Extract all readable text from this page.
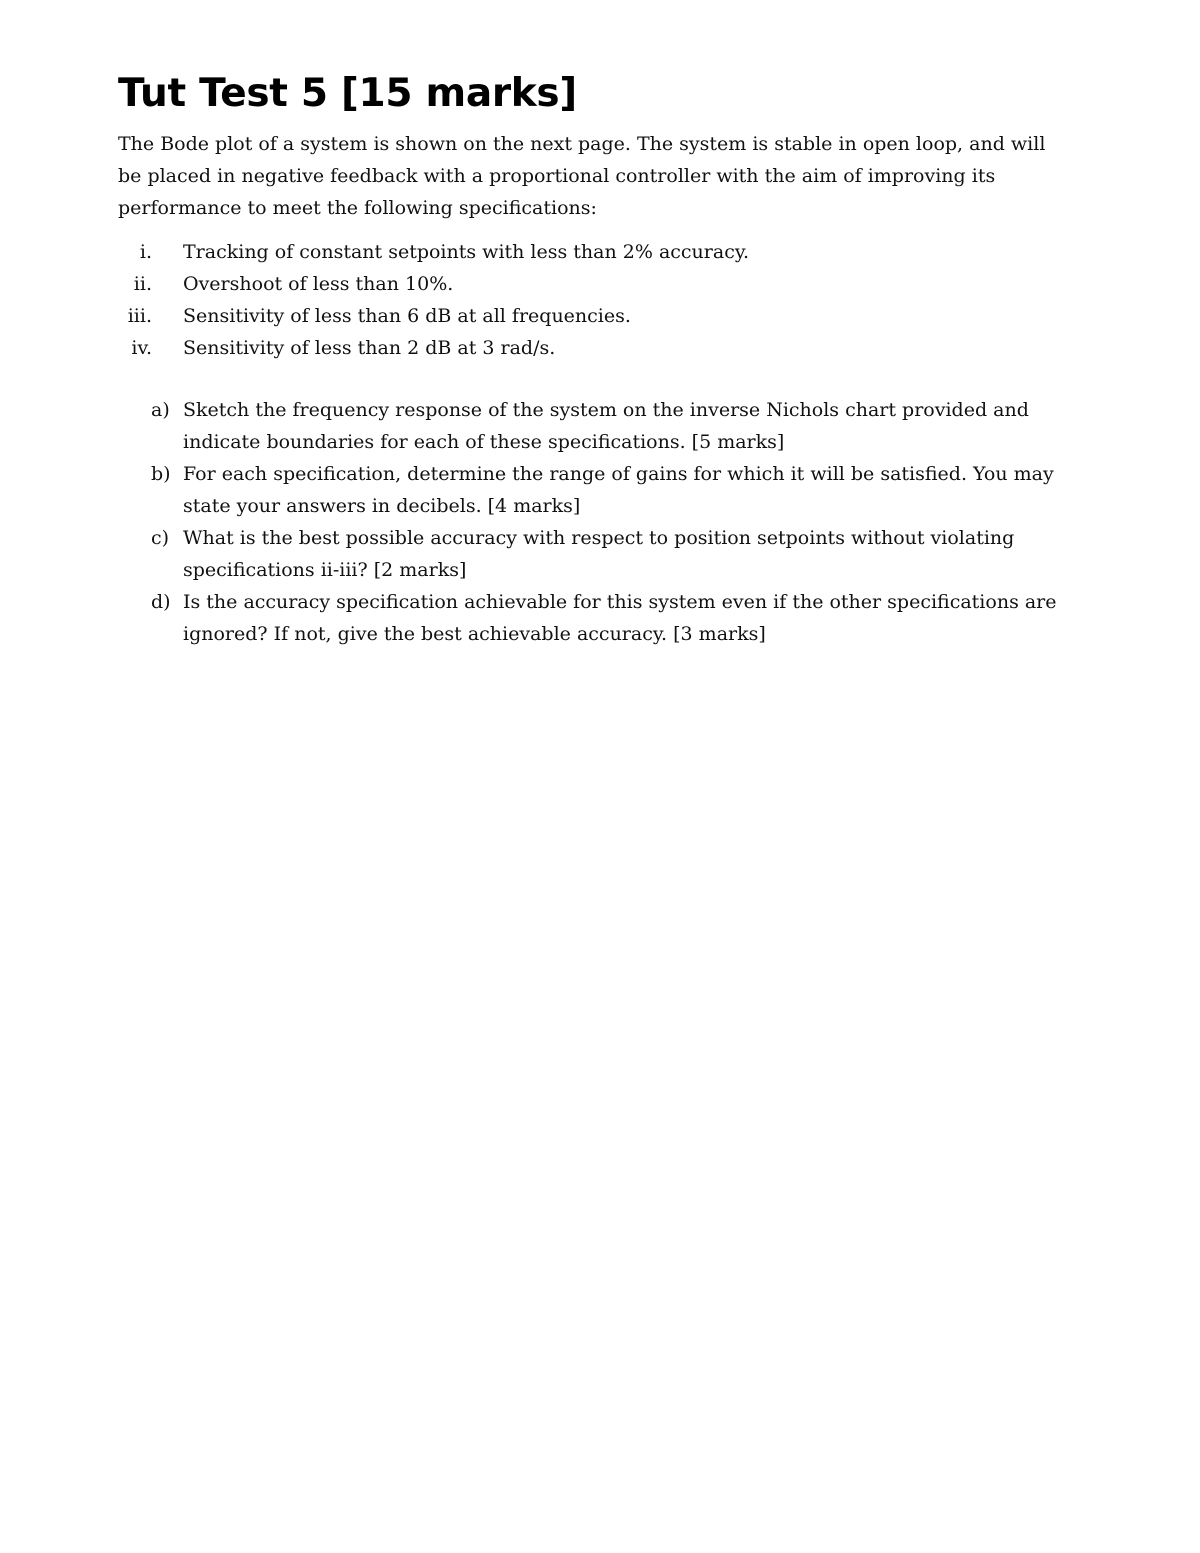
Tut Test 5 [15 marks]

The Bode plot of a system is shown on the next page. The system is stable in open loop, and will be placed in negative feedback with a proportional controller with the aim of improving its performance to meet the following specifications:

i. Tracking of constant setpoints with less than 2% accuracy.
ii. Overshoot of less than 10%.
iii. Sensitivity of less than 6 dB at all frequencies.
iv. Sensitivity of less than 2 dB at 3 rad/s.
a) Sketch the frequency response of the system on the inverse Nichols chart provided and indicate boundaries for each of these specifications. [5 marks]
b) For each specification, determine the range of gains for which it will be satisfied. You may state your answers in decibels. [4 marks]
c) What is the best possible accuracy with respect to position setpoints without violating specifications ii-iii? [2 marks]
d) Is the accuracy specification achievable for this system even if the other specifications are ignored? If not, give the best achievable accuracy. [3 marks]
